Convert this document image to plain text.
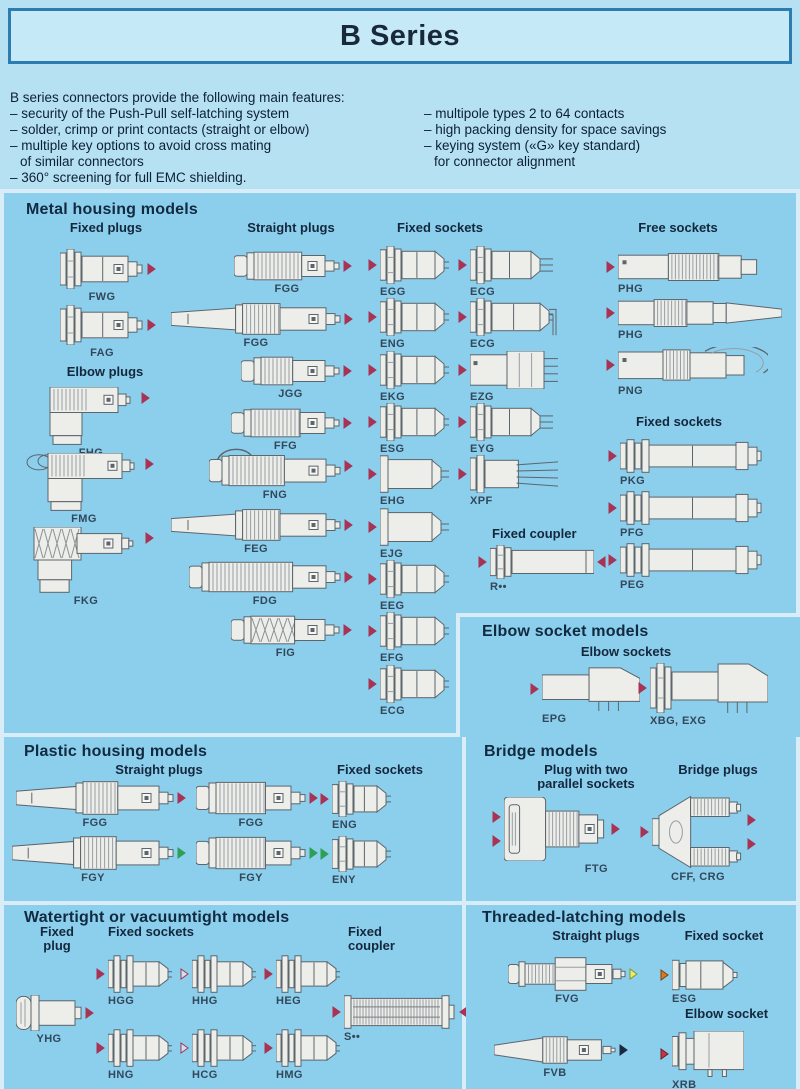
B Series
B series connectors provide the following main features:
– security of the Push-Pull self-latching system
– solder, crimp or print contacts (straight or elbow)
– multiple key options to avoid cross mating
of similar connectors
– 360° screening for full EMC shielding.
– multipole types 2 to 64 contacts
– high packing density for space savings
– keying system («G» key standard)
for connector alignment
Metal housing models
Elbow socket models
Elbow sockets
EPG	XBG, EXG
Fixed plugs
FWG
FAG
Elbow plugs
FMG
FKG
Straight plugs
FGG
FGG
JGG
FFG
FNG
FEG
FDG
FIG
Fixed sockets
EGG
ENG
EKG
ESG
EHG
EJG
EEG
EFG
ECG
ECG
ECG
EZG
EYG
XPF
Fixed coupler
R••
Free sockets
PHG
PHG
PNG
Fixed sockets
PKG
PFG
PEG
Plastic housing models
Straight plugs	Fixed sockets
FGG	FGG	ENG
FGY	FGY	ENY
Bridge models
Plug with two
parallel sockets
Bridge plugs
FTG
CFF, CRG
Watertight or vacuumtight models
Fixed
plug
Fixed sockets	Fixed
coupler
YHG
HGG	HHG	HEG
HNG	HCG	HMG
S••
Threaded-latching models
Straight plugs	Fixed socket
Elbow socket
FVG
FVB
ESG
XRB
